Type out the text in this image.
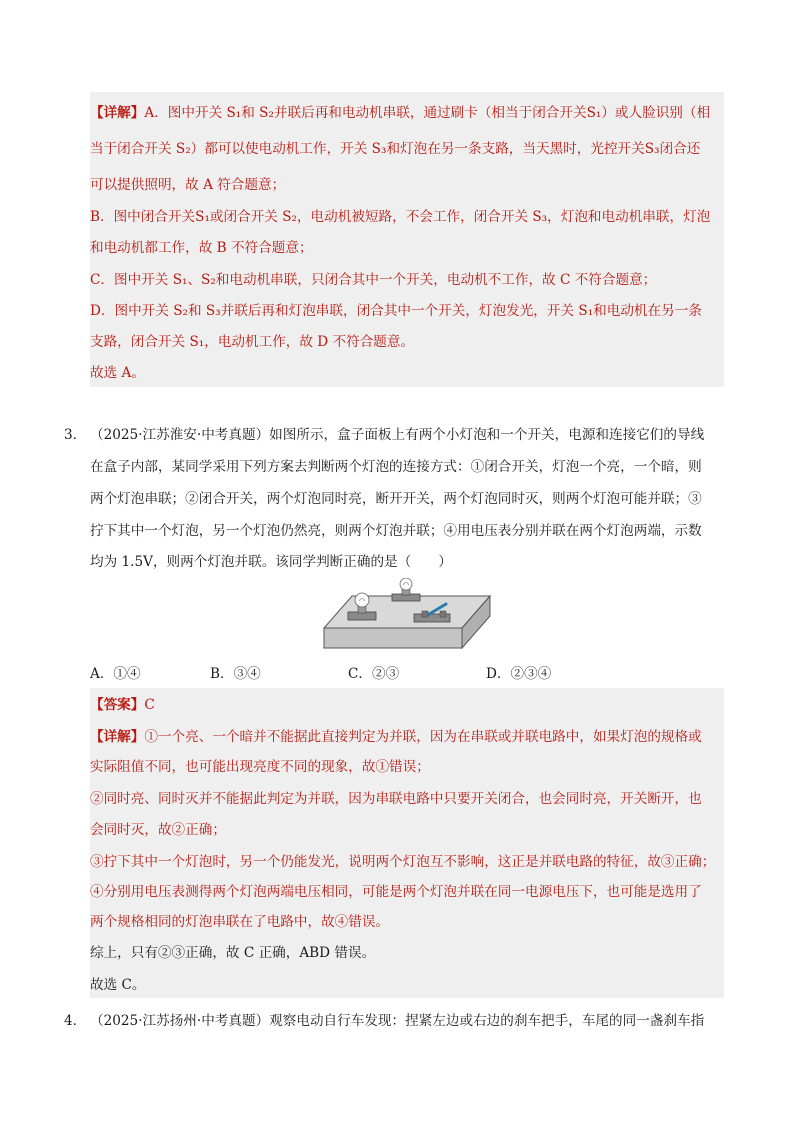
【详解】A．图中开关 S₁和 S₂并联后再和电动机串联，通过刷卡（相当于闭合开关S₁）或人脸识别（相
当于闭合开关 S₂）都可以使电动机工作，开关 S₃和灯泡在另一条支路，当天黑时，光控开关S₃闭合还
可以提供照明，故 A 符合题意；
B．图中闭合开关S₁或闭合开关 S₂，电动机被短路，不会工作，闭合开关 S₃，灯泡和电动机串联，灯泡
和电动机都工作，故 B 不符合题意；
C．图中开关 S₁、S₂和电动机串联，只闭合其中一个开关，电动机不工作，故 C 不符合题意；
D．图中开关 S₂和 S₃并联后再和灯泡串联，闭合其中一个开关，灯泡发光，开关 S₁和电动机在另一条
支路，闭合开关 S₁，电动机工作，故 D 不符合题意。
故选 A。
3． （2025·江苏淮安·中考真题）如图所示，盒子面板上有两个小灯泡和一个开关，电源和连接它们的导线
在盒子内部，某同学采用下列方案去判断两个灯泡的连接方式：①闭合开关，灯泡一个亮，一个暗，则
两个灯泡串联；②闭合开关，两个灯泡同时亮，断开开关，两个灯泡同时灭，则两个灯泡可能并联；③
拧下其中一个灯泡，另一个灯泡仍然亮，则两个灯泡并联；④用电压表分别并联在两个灯泡两端，示数
均为 1.5V，则两个灯泡并联。该同学判断正确的是（　　）
A．①④	B．③④	C．②③	D．②③④
【答案】C
【详解】①一个亮、一个暗并不能据此直接判定为并联，因为在串联或并联电路中，如果灯泡的规格或
实际阻值不同，也可能出现亮度不同的现象，故①错误；
②同时亮、同时灭并不能据此判定为并联，因为串联电路中只要开关闭合，也会同时亮，开关断开，也
会同时灭，故②正确；
③拧下其中一个灯泡时，另一个仍能发光，说明两个灯泡互不影响，这正是并联电路的特征，故③正确；
④分别用电压表测得两个灯泡两端电压相同，可能是两个灯泡并联在同一电源电压下，也可能是选用了
两个规格相同的灯泡串联在了电路中，故④错误。
综上，只有②③正确，故 C 正确，ABD 错误。
故选 C。
4． （2025·江苏扬州·中考真题）观察电动自行车发现：捏紧左边或右边的刹车把手，车尾的同一盏刹车指
